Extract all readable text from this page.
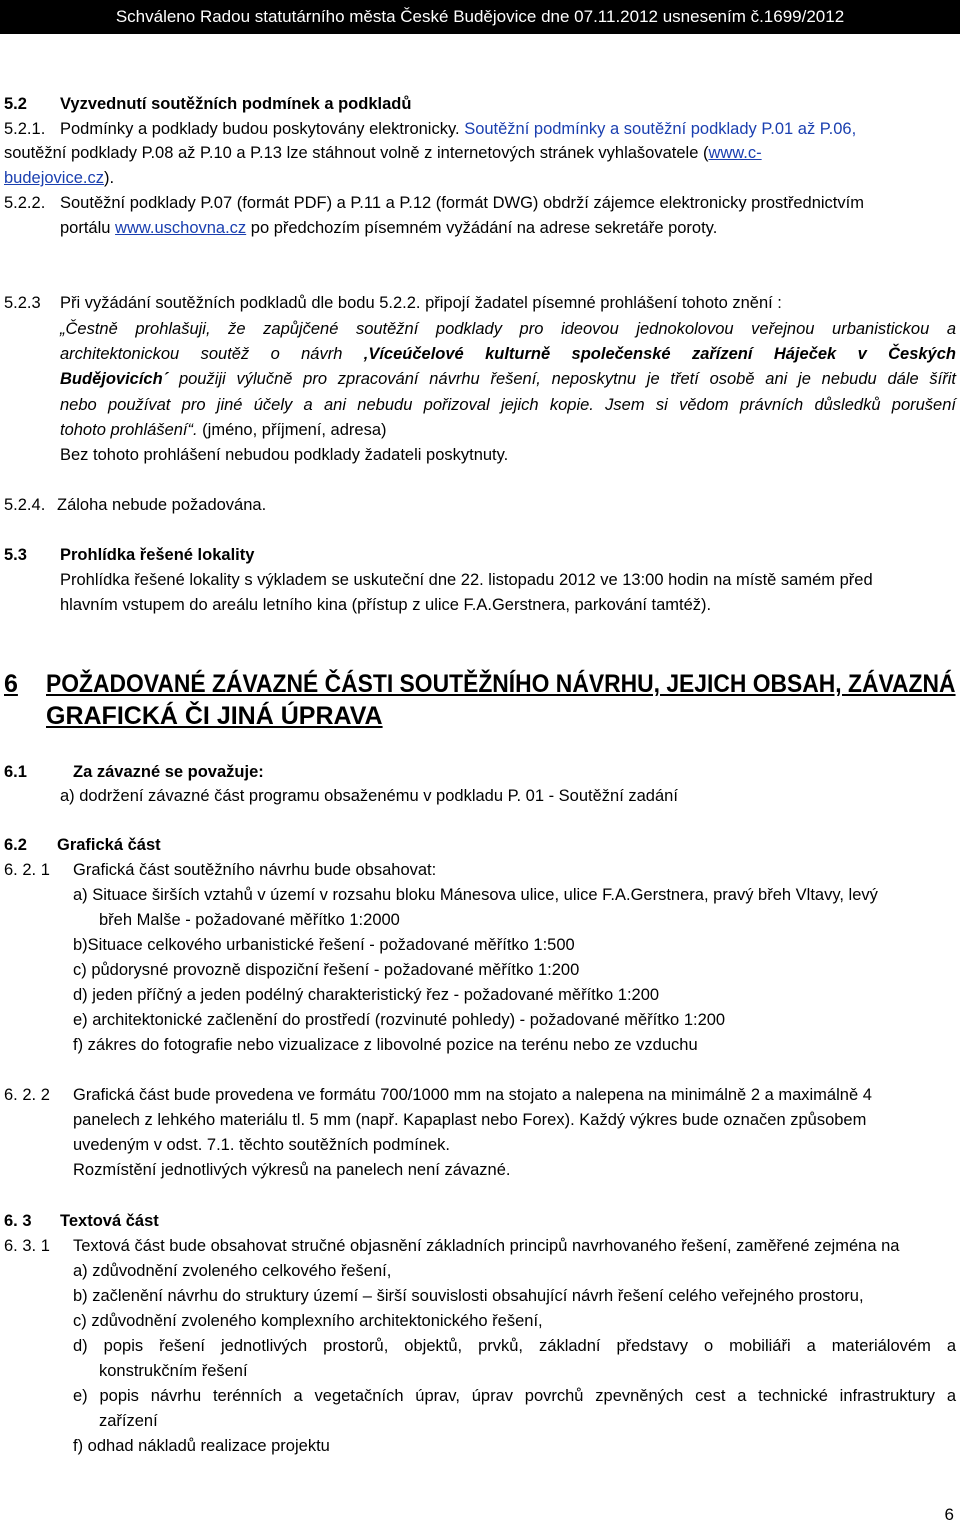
Schváleno Radou statutárního města České Budějovice dne 07.11.2012 usnesením č.1699/2012
5.2 Vyzvednutí soutěžních podmínek a podkladů
5.2.1. Podmínky a podklady budou poskytovány elektronicky. Soutěžní podmínky a soutěžní podklady P.01 až P.06,
soutěžní podklady P.08 až P.10 a P.13 lze stáhnout volně z internetových stránek vyhlašovatele (www.c-
budejovice.cz).
5.2.2. Soutěžní podklady P.07 (formát PDF) a P.11 a P.12 (formát DWG) obdrží zájemce elektronicky prostřednictvím
portálu www.uschovna.cz po předchozím písemném vyžádání na adrese sekretáře poroty.
5.2.3 Při vyžádání soutěžních podkladů dle bodu 5.2.2. připojí žadatel písemné prohlášení tohoto znění :
„Čestně prohlašuji, že zapůjčené soutěžní podklady pro ideovou jednokolovou veřejnou urbanistickou a
architektonickou soutěž o návrh ‚Víceúčelové kulturně společenské zařízení Háječek v Českých
Budějovicích´ použiji výlučně pro zpracování návrhu řešení, neposkytnu je třetí osobě ani je nebudu dále šířit
nebo používat pro jiné účely a ani nebudu pořizoval jejich kopie. Jsem si vědom právních důsledků porušení
tohoto prohlášení“. (jméno, příjmení, adresa)
Bez tohoto prohlášení nebudou podklady žadateli poskytnuty.
5.2.4. Záloha nebude požadována.
5.3 Prohlídka řešené lokality
Prohlídka řešené lokality s výkladem se uskuteční dne 22. listopadu 2012 ve 13:00 hodin na místě samém před
hlavním vstupem do areálu letního kina (přístup z ulice F.A.Gerstnera, parkování tamtéž).
6 POŽADOVANÉ ZÁVAZNÉ ČÁSTI SOUTĚŽNÍHO NÁVRHU, JEJICH OBSAH, ZÁVAZNÁ
GRAFICKÁ ČI JINÁ ÚPRAVA
6.1	Za závazné se považuje:
a) dodržení závazné část programu obsaženému v podkladu P. 01 - Soutěžní zadání
6.2 Grafická část
6. 2. 1 Grafická část soutěžního návrhu bude obsahovat:
a) Situace širších vztahů v území v rozsahu bloku Mánesova ulice, ulice F.A.Gerstnera, pravý břeh Vltavy, levý
břeh Malše - požadované měřítko 1:2000
b)Situace celkového urbanistické řešení - požadované měřítko 1:500
c) půdorysné provozně dispoziční řešení - požadované měřítko 1:200
d) jeden příčný a jeden podélný charakteristický řez - požadované měřítko 1:200
e) architektonické začlenění do prostředí (rozvinuté pohledy) - požadované měřítko 1:200
f) zákres do fotografie nebo vizualizace z libovolné pozice na terénu nebo ze vzduchu
6. 2. 2 Grafická část bude provedena ve formátu 700/1000 mm na stojato a nalepena na minimálně 2 a maximálně 4
panelech z lehkého materiálu tl. 5 mm (např. Kapaplast nebo Forex). Každý výkres bude označen způsobem
uvedeným v odst. 7.1. těchto soutěžních podmínek.
Rozmístění jednotlivých výkresů na panelech není závazné.
6. 3 Textová část
6. 3. 1 Textová část bude obsahovat stručné objasnění základních principů navrhovaného řešení, zaměřené zejména na
a) zdůvodnění zvoleného celkového řešení,
b) začlenění návrhu do struktury území – širší souvislosti obsahující návrh řešení celého veřejného prostoru,
c) zdůvodnění zvoleného komplexního architektonického řešení,
d) popis řešení jednotlivých prostorů, objektů, prvků, základní představy o mobiliáři a materiálovém a
konstrukčním řešení
e) popis návrhu terénních a vegetačních úprav, úprav povrchů zpevněných cest a technické infrastruktury a
zařízení
f) odhad nákladů realizace projektu
6
